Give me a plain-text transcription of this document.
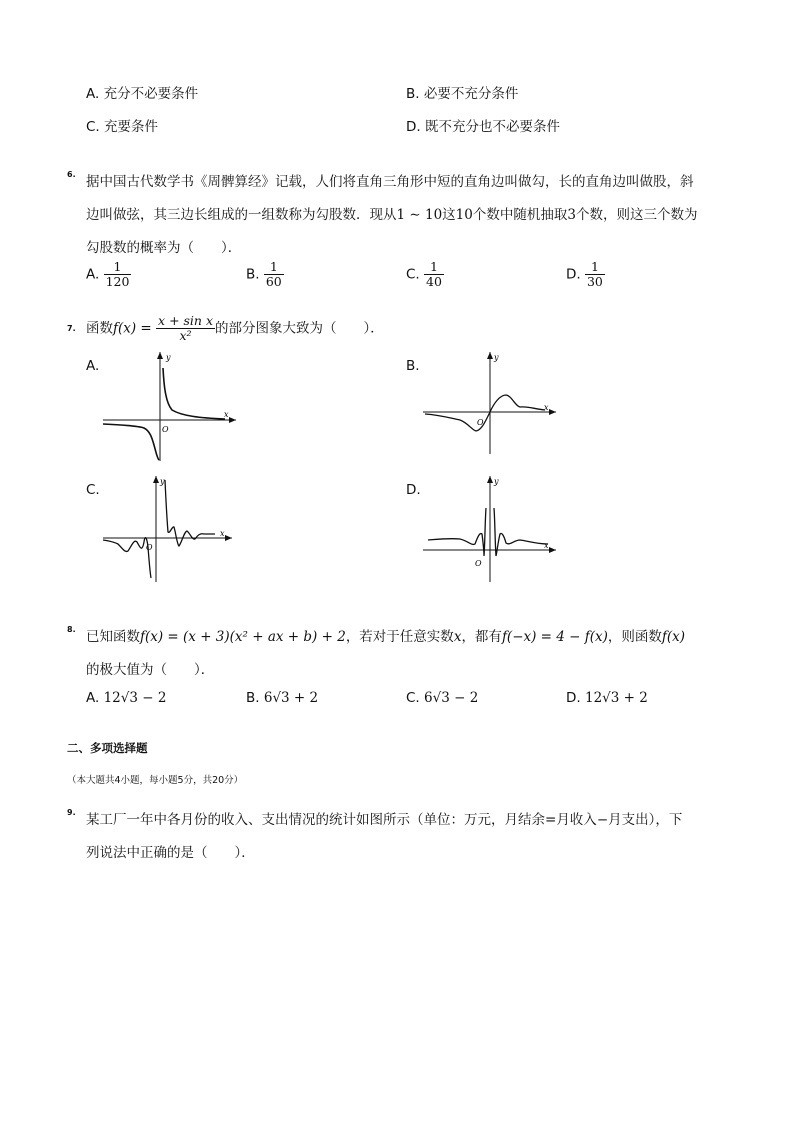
A. 充分不必要条件	B. 必要不充分条件
C. 充要条件	D. 既不充分也不必要条件
6. 据中国古代数学书《周髀算经》记载，人们将直角三角形中短的直角边叫做勾，长的直角边叫做股，斜
边叫做弦，其三边长组成的一组数称为勾股数．现从1 ∼ 10这10个数中随机抽取3个数，则这三个数为
勾股数的概率为（　　）．
A. $\frac{1}{120}$	B. $\frac{1}{60}$	C. $\frac{1}{40}$	D. $\frac{1}{30}$
7. 函数$f(x) = \frac{\text{x + sin x}}{\text{x²}}$ 的部分图象大致为（　　）．
A.	B.
C.	D.
y
x
O
y
x
O
y
x
O
y
x
O
8. 已知函数f(x) = (x + 3)(x² + ax + b) + 2，若对于任意实数x，都有f(−x) = 4 − f(x)，则函数f(x)
的极大值为（　　）．
A. 12√3 − 2	B. 6√3 + 2	C. 6√3 − 2	D. 12√3 + 2
二、多项选择题
（本大题共4小题，每小题5分，共20分）
9. 某工厂一年中各月份的收入、支出情况的统计如图所示（单位：万元，月结余=月收入−月支出），下
列说法中正确的是（　　）．
